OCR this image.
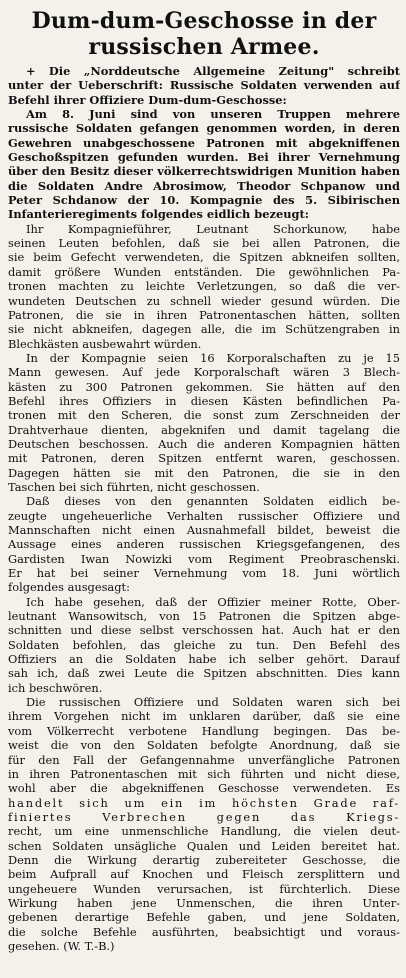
Dum-dum-Geschosse in der
russischen Armee.
+ Die „Norddeutsche Allgemeine Zeitung" schreibt
unter der Ueberschrift: Russische Soldaten verwenden auf
Befehl ihrer Offiziere Dum-dum-Geschosse:
Am 8. Juni sind von unseren Truppen mehrere
russische Soldaten gefangen genommen worden, in deren
Gewehren unabgeschossene Patronen mit abgekniffenen
Geschoßspitzen gefunden wurden. Bei ihrer Vernehmung
über den Besitz dieser völkerrechtswidrigen Munition haben
die Soldaten Andre Abrosimow, Theodor Schpanow und
Peter Schdanow der 10. Kompagnie des 5. Sibirischen
Infanterieregiments folgendes eidlich bezeugt:
Ihr Kompagnieführer, Leutnant Schorkunow, habe
seinen Leuten befohlen, daß sie bei allen Patronen, die
sie beim Gefecht verwendeten, die Spitzen abkneifen sollten,
damit größere Wunden entständen. Die gewöhnlichen Pa-
tronen machten zu leichte Verletzungen, so daß die ver-
wundeten Deutschen zu schnell wieder gesund würden. Die
Patronen, die sie in ihren Patronentaschen hätten, sollten
sie nicht abkneifen, dagegen alle, die im Schützengraben in
Blechkästen ausbewahrt würden.
In der Kompagnie seien 16 Korporalschaften zu je 15
Mann gewesen. Auf jede Korporalschaft wären 3 Blech-
kästen zu 300 Patronen gekommen. Sie hätten auf den
Befehl ihres Offiziers in diesen Kästen befindlichen Pa-
tronen mit den Scheren, die sonst zum Zerschneiden der
Drahtverhaue dienten, abgeknifen und damit tagelang die
Deutschen beschossen. Auch die anderen Kompagnien hätten
mit Patronen, deren Spitzen entfernt waren, geschossen.
Dagegen hätten sie mit den Patronen, die sie in den
Taschen bei sich führten, nicht geschossen.
Daß dieses von den genannten Soldaten eidlich be-
zeugte ungeheuerliche Verhalten russischer Offiziere und
Mannschaften nicht einen Ausnahmefall bildet, beweist die
Aussage eines anderen russischen Kriegsgefangenen, des
Gardisten Iwan Nowizki vom Regiment Preobraschenski.
Er hat bei seiner Vernehmung vom 18. Juni wörtlich
folgendes ausgesagt:
Ich habe gesehen, daß der Offizier meiner Rotte, Ober-
leutnant Wansowitsch, von 15 Patronen die Spitzen abge-
schnitten und diese selbst verschossen hat. Auch hat er den
Soldaten befohlen, das gleiche zu tun. Den Befehl des
Offiziers an die Soldaten habe ich selber gehört. Darauf
sah ich, daß zwei Leute die Spitzen abschnitten. Dies kann
ich beschwören.
Die russischen Offiziere und Soldaten waren sich bei
ihrem Vorgehen nicht im unklaren darüber, daß sie eine
vom Völkerrecht verbotene Handlung begingen. Das be-
weist die von den Soldaten befolgte Anordnung, daß sie
für den Fall der Gefangennahme unverfängliche Patronen
in ihren Patronentaschen mit sich führten und nicht diese,
wohl aber die abgekniffenen Geschosse verwendeten. Es
handelt sich um ein im höchsten Grade raf-
finiertes Verbrechen gegen das Kriegs-
recht, um eine unmenschliche Handlung, die vielen deut-
schen Soldaten unsägliche Qualen und Leiden bereitet hat.
Denn die Wirkung derartig zubereiteter Geschosse, die
beim Aufprall auf Knochen und Fleisch zersplittern und
ungeheuere Wunden verursachen, ist fürchterlich. Diese
Wirkung haben jene Unmenschen, die ihren Unter-
gebenen derartige Befehle gaben, und jene Soldaten,
die solche Befehle ausführten, beabsichtigt und voraus-
gesehen. (W. T.-B.)
